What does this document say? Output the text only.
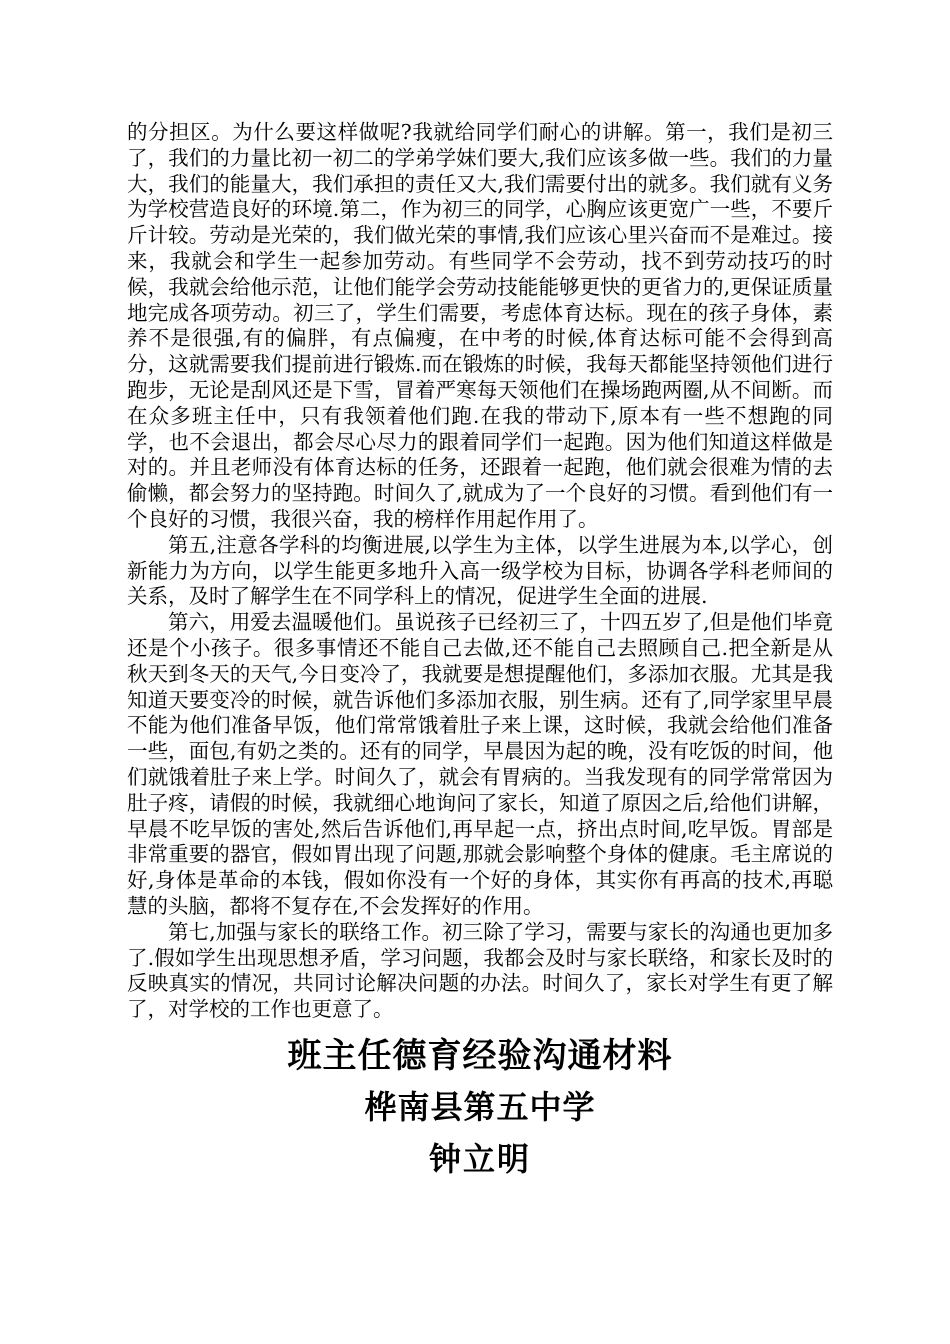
的分担区。为什么要这样做呢?我就给同学们耐心的讲解。第一，我们是初三了，我们的力量比初一初二的学弟学妹们要大,我们应该多做一些。我们的力量大，我们的能量大，我们承担的责任又大,我们需要付出的就多。我们就有义务为学校营造良好的环境.第二，作为初三的同学，心胸应该更宽广一些，不要斤斤计较。劳动是光荣的，我们做光荣的事情,我们应该心里兴奋而不是难过。接来，我就会和学生一起参加劳动。有些同学不会劳动，找不到劳动技巧的时候，我就会给他示范，让他们能学会劳动技能能够更快的更省力的,更保证质量地完成各项劳动。初三了，学生们需要，考虑体育达标。现在的孩子身体，素养不是很强,有的偏胖，有点偏瘦，在中考的时候,体育达标可能不会得到高分，这就需要我们提前进行锻炼.而在锻炼的时候，我每天都能坚持领他们进行跑步，无论是刮风还是下雪，冒着严寒每天领他们在操场跑两圈,从不间断。而在众多班主任中，只有我领着他们跑.在我的带动下,原本有一些不想跑的同学，也不会退出，都会尽心尽力的跟着同学们一起跑。因为他们知道这样做是对的。并且老师没有体育达标的任务，还跟着一起跑，他们就会很难为情的去偷懒，都会努力的坚持跑。时间久了,就成为了一个良好的习惯。看到他们有一个良好的习惯，我很兴奋，我的榜样作用起作用了。

第五,注意各学科的均衡进展,以学生为主体，以学生进展为本,以学心，创新能力为方向，以学生能更多地升入高一级学校为目标，协调各学科老师间的关系，及时了解学生在不同学科上的情况，促进学生全面的进展.

第六，用爱去温暖他们。虽说孩子已经初三了，十四五岁了,但是他们毕竟还是个小孩子。很多事情还不能自己去做,还不能自己去照顾自己.把全新是从秋天到冬天的天气,今日变冷了，我就要是想提醒他们，多添加衣服。尤其是我知道天要变冷的时候，就告诉他们多添加衣服，别生病。还有了,同学家里早晨不能为他们准备早饭，他们常常饿着肚子来上课，这时候，我就会给他们准备一些，面包,有奶之类的。还有的同学，早晨因为起的晚，没有吃饭的时间，他们就饿着肚子来上学。时间久了，就会有胃病的。当我发现有的同学常常因为肚子疼，请假的时候，我就细心地询问了家长，知道了原因之后,给他们讲解，早晨不吃早饭的害处,然后告诉他们,再早起一点，挤出点时间,吃早饭。胃部是非常重要的器官，假如胃出现了问题,那就会影响整个身体的健康。毛主席说的好,身体是革命的本钱，假如你没有一个好的身体，其实你有再高的技术,再聪慧的头脑，都将不复存在,不会发挥好的作用。

第七,加强与家长的联络工作。初三除了学习，需要与家长的沟通也更加多了.假如学生出现思想矛盾，学习问题，我都会及时与家长联络，和家长及时的反映真实的情况，共同讨论解决问题的办法。时间久了，家长对学生有更了解了，对学校的工作也更意了。

班主任德育经验沟通材料

桦南县第五中学

钟立明
